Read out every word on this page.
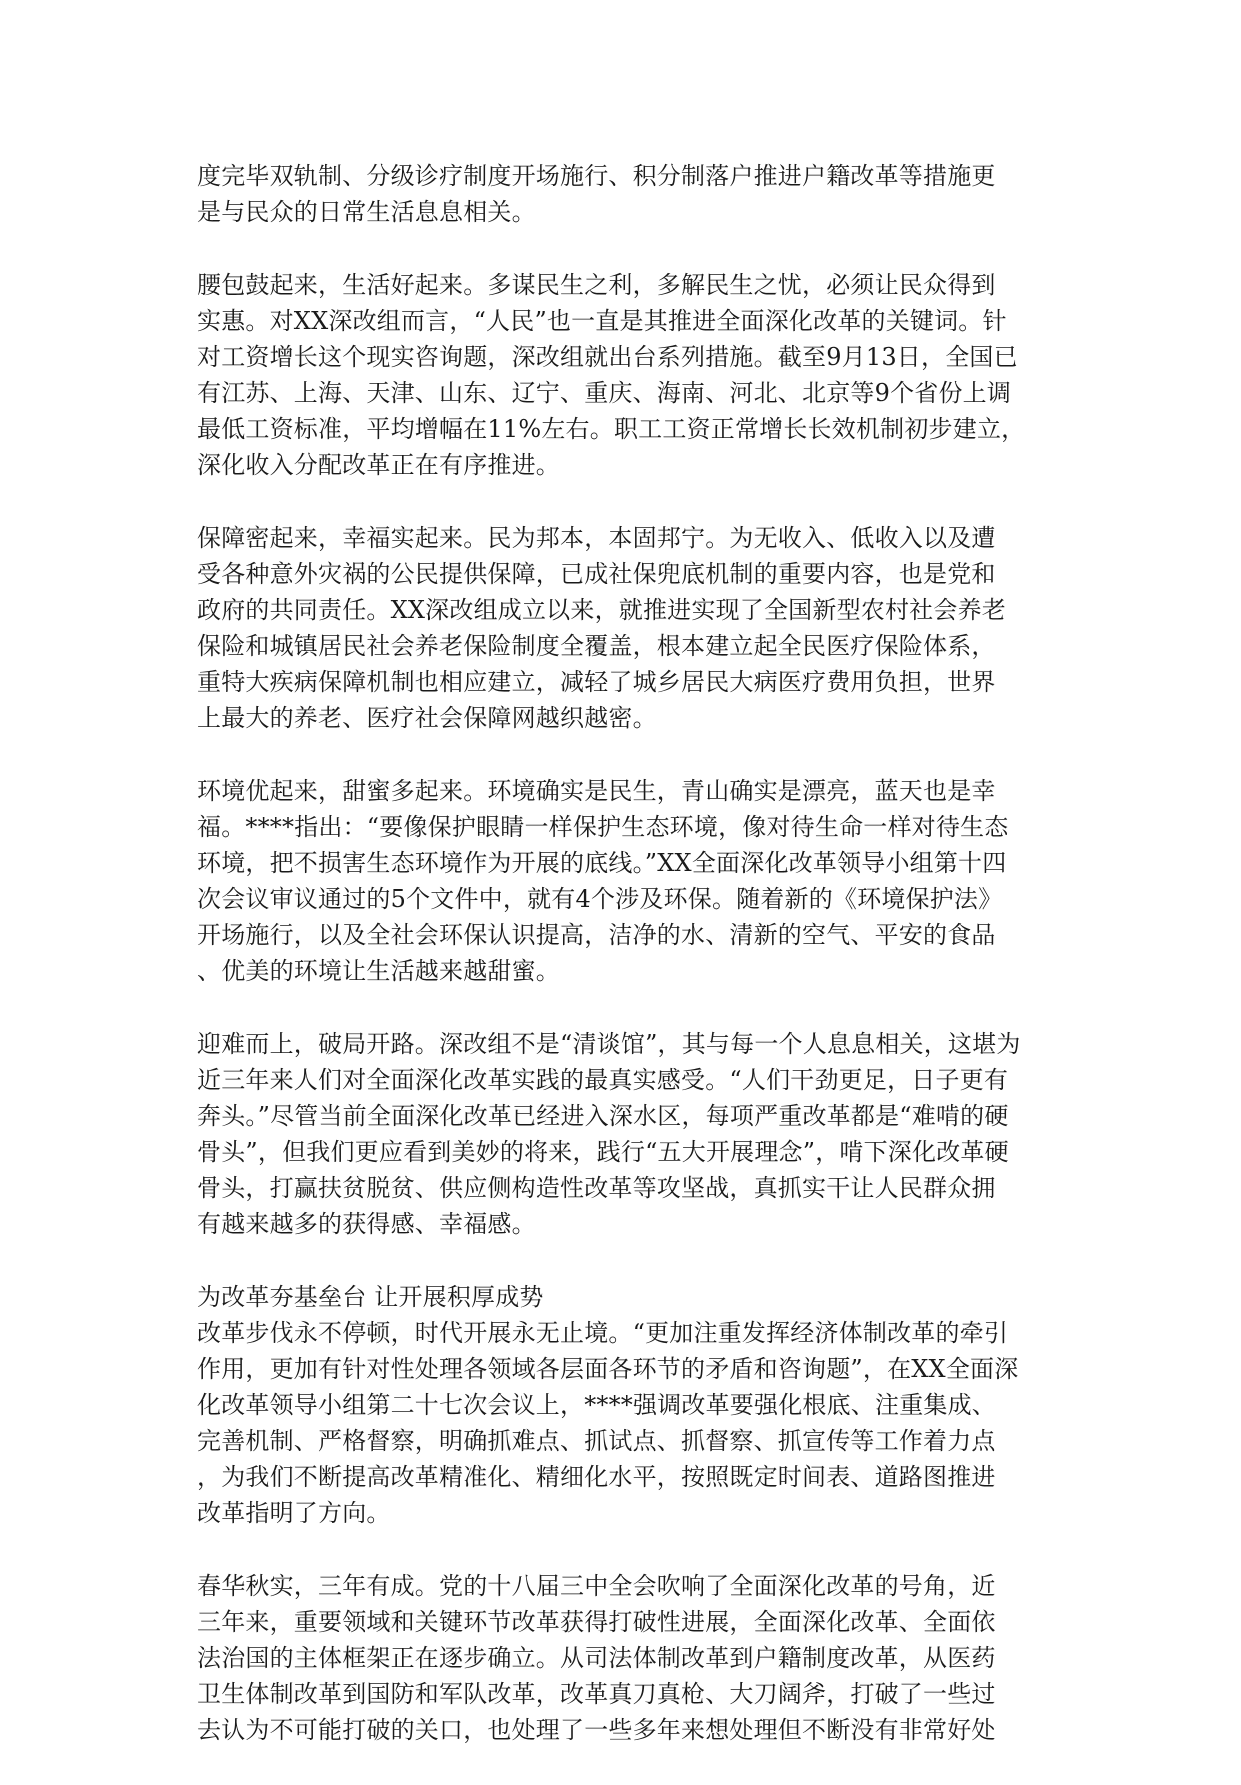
度完毕双轨制、分级诊疗制度开场施行、积分制落户推进户籍改革等措施更
是与民众的日常生活息息相关。
腰包鼓起来，生活好起来。多谋民生之利，多解民生之忧，必须让民众得到
实惠。对XX深改组而言，“人民”也一直是其推进全面深化改革的关键词。针
对工资增长这个现实咨询题，深改组就出台系列措施。截至9月13日，全国已
有江苏、上海、天津、山东、辽宁、重庆、海南、河北、北京等9个省份上调
最低工资标准，平均增幅在11%左右。职工工资正常增长长效机制初步建立，
深化收入分配改革正在有序推进。
保障密起来，幸福实起来。民为邦本，本固邦宁。为无收入、低收入以及遭
受各种意外灾祸的公民提供保障，已成社保兜底机制的重要内容，也是党和
政府的共同责任。XX深改组成立以来，就推进实现了全国新型农村社会养老
保险和城镇居民社会养老保险制度全覆盖，根本建立起全民医疗保险体系，
重特大疾病保障机制也相应建立，减轻了城乡居民大病医疗费用负担，世界
上最大的养老、医疗社会保障网越织越密。
环境优起来，甜蜜多起来。环境确实是民生，青山确实是漂亮，蓝天也是幸
福。****指出：“要像保护眼睛一样保护生态环境，像对待生命一样对待生态
环境，把不损害生态环境作为开展的底线。”XX全面深化改革领导小组第十四
次会议审议通过的5个文件中，就有4个涉及环保。随着新的《环境保护法》
开场施行，以及全社会环保认识提高，洁净的水、清新的空气、平安的食品
、优美的环境让生活越来越甜蜜。
迎难而上，破局开路。深改组不是“清谈馆”，其与每一个人息息相关，这堪为
近三年来人们对全面深化改革实践的最真实感受。“人们干劲更足，日子更有
奔头。”尽管当前全面深化改革已经进入深水区，每项严重改革都是“难啃的硬
骨头”，但我们更应看到美妙的将来，践行“五大开展理念”，啃下深化改革硬
骨头，打赢扶贫脱贫、供应侧构造性改革等攻坚战，真抓实干让人民群众拥
有越来越多的获得感、幸福感。
为改革夯基垒台 让开展积厚成势
改革步伐永不停顿，时代开展永无止境。“更加注重发挥经济体制改革的牵引
作用，更加有针对性处理各领域各层面各环节的矛盾和咨询题”，在XX全面深
化改革领导小组第二十七次会议上，****强调改革要强化根底、注重集成、
完善机制、严格督察，明确抓难点、抓试点、抓督察、抓宣传等工作着力点
，为我们不断提高改革精准化、精细化水平，按照既定时间表、道路图推进
改革指明了方向。
春华秋实，三年有成。党的十八届三中全会吹响了全面深化改革的号角，近
三年来，重要领域和关键环节改革获得打破性进展，全面深化改革、全面依
法治国的主体框架正在逐步确立。从司法体制改革到户籍制度改革，从医药
卫生体制改革到国防和军队改革，改革真刀真枪、大刀阔斧，打破了一些过
去认为不可能打破的关口，也处理了一些多年来想处理但不断没有非常好处
